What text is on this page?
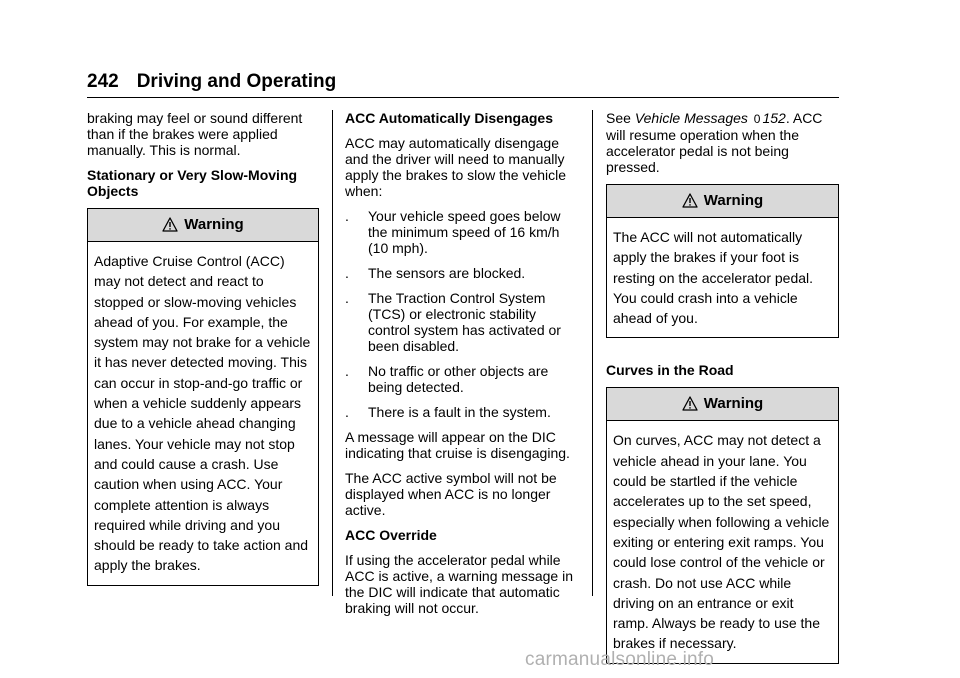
242 Driving and Operating

braking may feel or sound different than if the brakes were applied manually. This is normal.

Stationary or Very Slow-Moving Objects

Warning
Adaptive Cruise Control (ACC) may not detect and react to stopped or slow-moving vehicles ahead of you. For example, the system may not brake for a vehicle it has never detected moving. This can occur in stop-and-go traffic or when a vehicle suddenly appears due to a vehicle ahead changing lanes. Your vehicle may not stop and could cause a crash. Use caution when using ACC. Your complete attention is always required while driving and you should be ready to take action and apply the brakes.

ACC Automatically Disengages

ACC may automatically disengage and the driver will need to manually apply the brakes to slow the vehicle when:

.	Your vehicle speed goes below the minimum speed of 16 km/h (10 mph).
.	The sensors are blocked.
.	The Traction Control System (TCS) or electronic stability control system has activated or been disabled.
.	No traffic or other objects are being detected.
.	There is a fault in the system.

A message will appear on the DIC indicating that cruise is disengaging.

The ACC active symbol will not be displayed when ACC is no longer active.

ACC Override

If using the accelerator pedal while ACC is active, a warning message in the DIC will indicate that automatic braking will not occur.

See Vehicle Messages 0 152. ACC will resume operation when the accelerator pedal is not being pressed.

Warning
The ACC will not automatically apply the brakes if your foot is resting on the accelerator pedal. You could crash into a vehicle ahead of you.

Curves in the Road

Warning
On curves, ACC may not detect a vehicle ahead in your lane. You could be startled if the vehicle accelerates up to the set speed, especially when following a vehicle exiting or entering exit ramps. You could lose control of the vehicle or crash. Do not use ACC while driving on an entrance or exit ramp. Always be ready to use the brakes if necessary.
carmanualsonline.info
